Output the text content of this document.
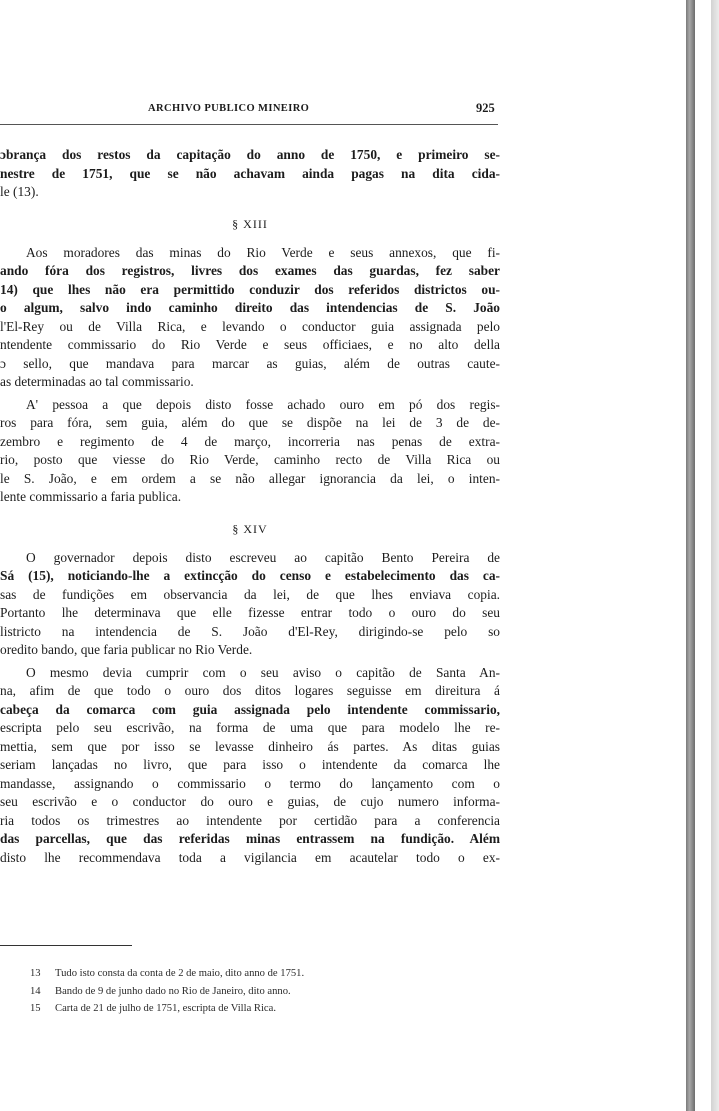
ARCHIVO PUBLICO MINEIRO	925
ɔbrança dos restos da capitação do anno de 1750, e primeiro se-
nestre de 1751, que se não achavam ainda pagas na dita cida-
le (13).
§ XIII
Aos moradores das minas do Rio Verde e seus annexos, que fi-
ando fóra dos registros, livres dos exames das guardas, fez saber
14) que lhes não era permittido conduzir dos referidos districtos ou-
o algum, salvo indo caminho direito das intendencias de S. João
l'El-Rey ou de Villa Rica, e levando o conductor guia assignada pelo
ntendente commissario do Rio Verde e seus officiaes, e no alto della
ɔ sello, que mandava para marcar as guias, além de outras caute-
as determinadas ao tal commissario.
A' pessoa a que depois disto fosse achado ouro em pó dos regis-
ros para fóra, sem guia, além do que se dispõe na lei de 3 de de-
zembro e regimento de 4 de março, incorreria nas penas de extra-
rio, posto que viesse do Rio Verde, caminho recto de Villa Rica ou
le S. João, e em ordem a se não allegar ignorancia da lei, o inten-
lente commissario a faria publica.
§ XIV
O governador depois disto escreveu ao capitão Bento Pereira de
Sá (15), noticiando-lhe a extincção do censo e estabelecimento das ca-
sas de fundições em observancia da lei, de que lhes enviava copia.
Portanto lhe determinava que elle fizesse entrar todo o ouro do seu
listricto na intendencia de S. João d'El-Rey, dirigindo-se pelo so
oredito bando, que faria publicar no Rio Verde.
O mesmo devia cumprir com o seu aviso o capitão de Santa An-
na, afim de que todo o ouro dos ditos logares seguisse em direitura á
cabeça da comarca com guia assignada pelo intendente commissario,
escripta pelo seu escrivão, na forma de uma que para modelo lhe re-
mettia, sem que por isso se levasse dinheiro ás partes. As ditas guias
seriam lançadas no livro, que para isso o intendente da comarca lhe
mandasse, assignando o commissario o termo do lançamento com o
seu escrivão e o conductor do ouro e guias, de cujo numero informa-
ria todos os trimestres ao intendente por certidão para a conferencia
das parcellas, que das referidas minas entrassem na fundição. Além
disto lhe recommendava toda a vigilancia em acautelar todo o ex-
13 Tudo isto consta da conta de 2 de maio, dito anno de 1751.
14 Bando de 9 de junho dado no Rio de Janeiro, dito anno.
15 Carta de 21 de julho de 1751, escripta de Villa Rica.
